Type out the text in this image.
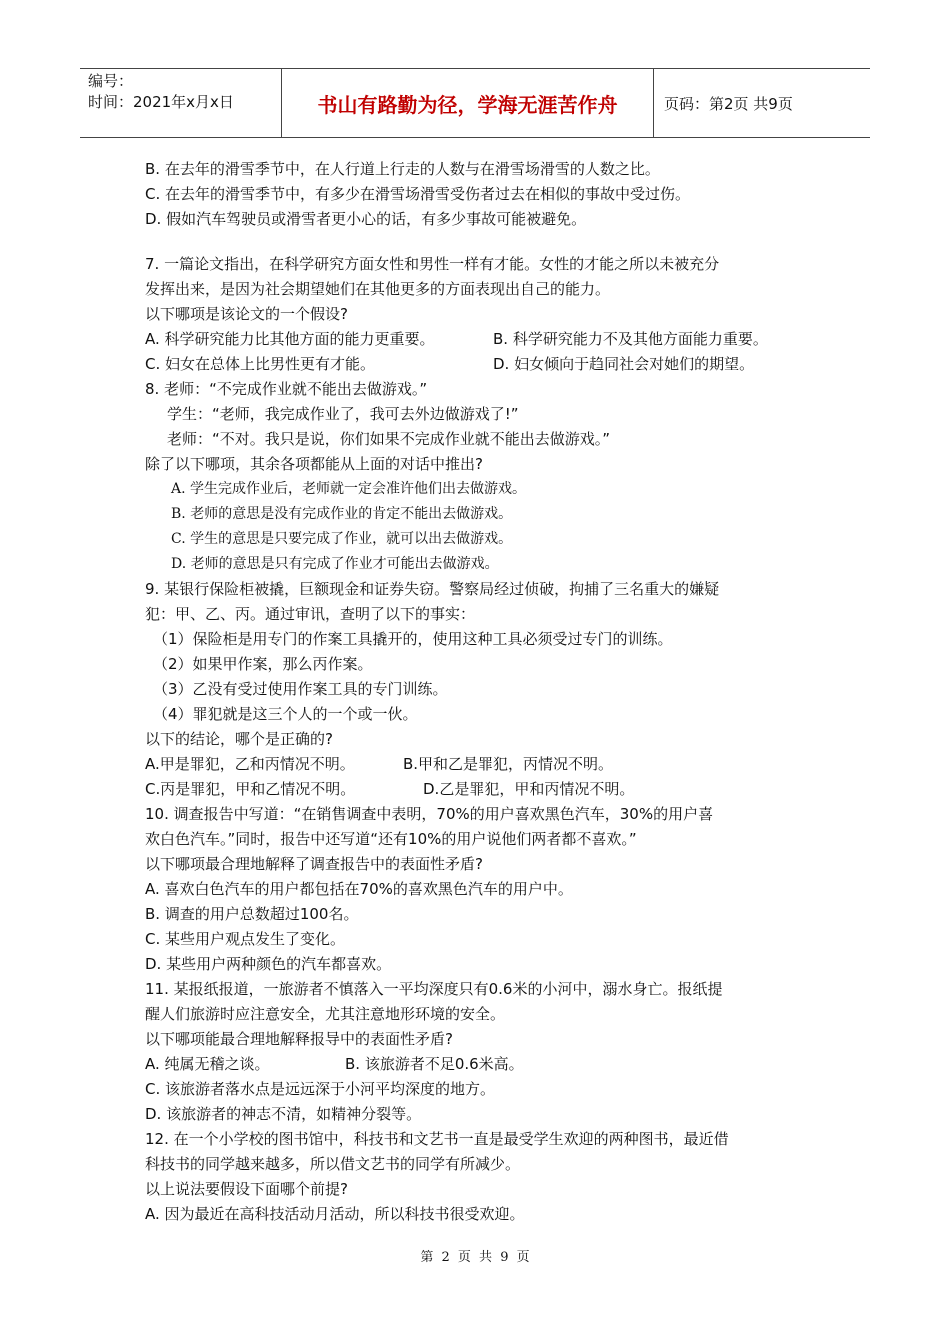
编号：
时间：2021年x月x日	书山有路勤为径，学海无涯苦作舟	页码：第2页 共9页

B. 在去年的滑雪季节中，在人行道上行走的人数与在滑雪场滑雪的人数之比。

C. 在去年的滑雪季节中，有多少在滑雪场滑雪受伤者过去在相似的事故中受过伤。

D. 假如汽车驾驶员或滑雪者更小心的话，有多少事故可能被避免。

7. 一篇论文指出，在科学研究方面女性和男性一样有才能。女性的才能之所以未被充分

发挥出来，是因为社会期望她们在其他更多的方面表现出自己的能力。

以下哪项是该论文的一个假设?

A. 科学研究能力比其他方面的能力更重要。	B. 科学研究能力不及其他方面能力重要。
C. 妇女在总体上比男性更有才能。	D. 妇女倾向于趋同社会对她们的期望。

8. 老师：“不完成作业就不能出去做游戏。”

学生：“老师，我完成作业了，我可去外边做游戏了!”

老师：“不对。我只是说，你们如果不完成作业就不能出去做游戏。”

除了以下哪项，其余各项都能从上面的对话中推出?

A. 学生完成作业后，老师就一定会准许他们出去做游戏。

B. 老师的意思是没有完成作业的肯定不能出去做游戏。

C. 学生的意思是只要完成了作业，就可以出去做游戏。

D. 老师的意思是只有完成了作业才可能出去做游戏。

9. 某银行保险柜被撬，巨额现金和证券失窃。警察局经过侦破，拘捕了三名重大的嫌疑

犯：甲、乙、丙。通过审讯，查明了以下的事实：

（1）保险柜是用专门的作案工具撬开的，使用这种工具必须受过专门的训练。

（2）如果甲作案，那么丙作案。

（3）乙没有受过使用作案工具的专门训练。

（4）罪犯就是这三个人的一个或一伙。

以下的结论，哪个是正确的?

A.甲是罪犯，乙和丙情况不明。	B.甲和乙是罪犯，丙情况不明。
C.丙是罪犯，甲和乙情况不明。	D.乙是罪犯，甲和丙情况不明。

10. 调查报告中写道：“在销售调查中表明，70%的用户喜欢黑色汽车，30%的用户喜

欢白色汽车。”同时，报告中还写道“还有10%的用户说他们两者都不喜欢。”

以下哪项最合理地解释了调查报告中的表面性矛盾?

A. 喜欢白色汽车的用户都包括在70%的喜欢黑色汽车的用户中。

B. 调查的用户总数超过100名。

C. 某些用户观点发生了变化。

D. 某些用户两种颜色的汽车都喜欢。

11. 某报纸报道，一旅游者不慎落入一平均深度只有0.6米的小河中，溺水身亡。报纸提

醒人们旅游时应注意安全，尤其注意地形环境的安全。

以下哪项能最合理地解释报导中的表面性矛盾?

A. 纯属无稽之谈。	B. 该旅游者不足0.6米高。

C. 该旅游者落水点是远远深于小河平均深度的地方。

D. 该旅游者的神志不清，如精神分裂等。

12. 在一个小学校的图书馆中，科技书和文艺书一直是最受学生欢迎的两种图书，最近借

科技书的同学越来越多，所以借文艺书的同学有所减少。

以上说法要假设下面哪个前提?

A. 因为最近在高科技活动月活动，所以科技书很受欢迎。

第 2 页 共 9 页
